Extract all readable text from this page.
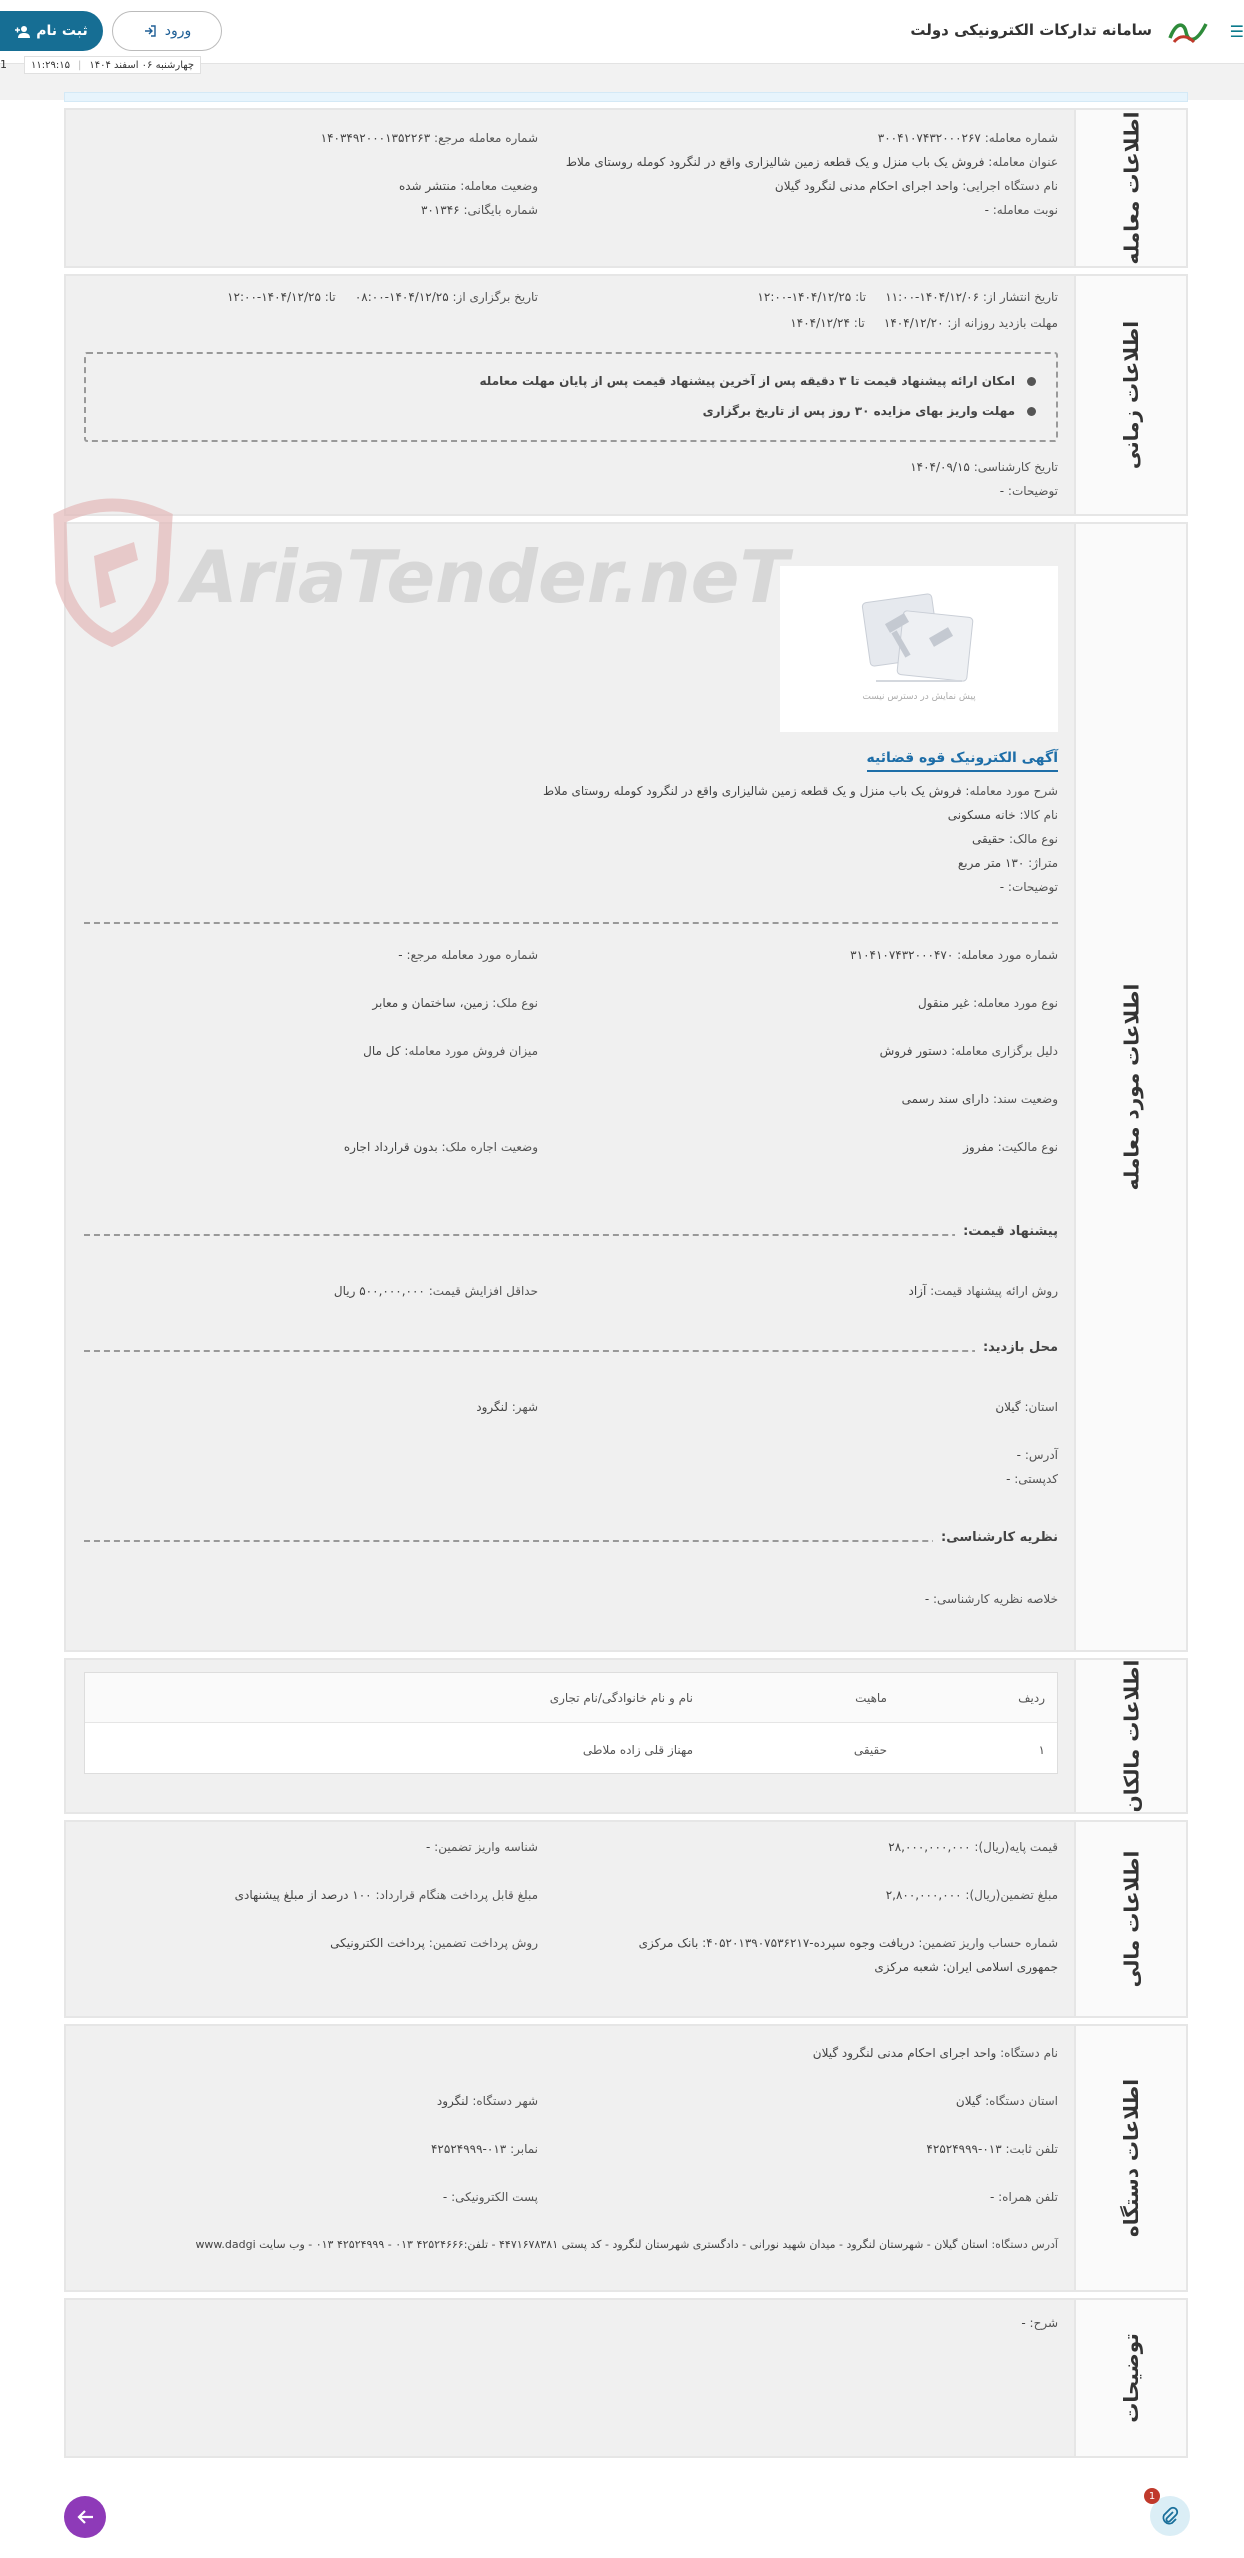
☰
سامانه تدارکات الکترونیکی دولت
ورود
ثبت نام
چهارشنبه ۰۶ اسفند ۱۴۰۴
|
۱۱:۲۹:۱۵
1
اطلاعات معامله
شماره معامله: ۳۰۰۴۱۰۷۴۳۲۰۰۰۲۶۷
شماره معامله مرجع: ۱۴۰۳۴۹۲۰۰۰۱۳۵۲۲۶۳
عنوان معامله: فروش یک باب منزل و یک قطعه زمین شالیزاری واقع در لنگرود کومله روستای ملاط
نام دستگاه اجرایی: واحد اجرای احکام مدنی لنگرود گیلان
وضعیت معامله: منتشر شده
نوبت معامله: -
شماره بایگانی: ۳۰۱۳۴۶
اطلاعات زمانی
تاریخ انتشار از: ۱۴۰۴/۱۲/۰۶-۱۱:۰۰     تا: ۱۴۰۴/۱۲/۲۵-۱۲:۰۰
تاریخ برگزاری از: ۱۴۰۴/۱۲/۲۵-۰۸:۰۰     تا: ۱۴۰۴/۱۲/۲۵-۱۲:۰۰
مهلت بازدید روزانه از: ۱۴۰۴/۱۲/۲۰     تا: ۱۴۰۴/۱۲/۲۴
امکان ارائه پیشنهاد قیمت تا ۳ دقیقه پس از آخرین پیشنهاد قیمت پس از پایان مهلت معامله
مهلت واریز بهای مزایده ۳۰ روز پس از تاریخ برگزاری
تاریخ کارشناسی: ۱۴۰۴/۰۹/۱۵
توضیحات: -
اطلاعات مورد معامله
پیش نمایش در دسترس نیست
آگهی الکترونیک قوه قضائیه
شرح مورد معامله: فروش یک باب منزل و یک قطعه زمین شالیزاری واقع در لنگرود کومله روستای ملاط
نام کالا: خانه مسکونی
نوع مالک: حقیقی
متراژ: ۱۳۰ متر مربع
توضیحات: -
شماره مورد معامله: ۳۱۰۴۱۰۷۴۳۲۰۰۰۴۷۰
شماره مورد معامله مرجع: -
نوع مورد معامله: غیر منقول
نوع ملک: زمین، ساختمان و معابر
دلیل برگزاری معامله: دستور فروش
میزان فروش مورد معامله: کل مال
وضعیت سند: دارای سند رسمی
نوع مالکیت: مفروز
وضعیت اجاره ملک: بدون قرارداد اجاره
پیشنهاد قیمت:
روش ارائه پیشنهاد قیمت: آزاد
حداقل افزایش قیمت: ۵۰۰,۰۰۰,۰۰۰ ریال
محل بازدید:
استان: گیلان
شهر: لنگرود
آدرس: -
کدپستی: -
نظریه کارشناسی:
خلاصه نظریه کارشناسی: -
اطلاعات مالکان
ردیف
ماهیت
نام و نام خانوادگی/نام تجاری
۱
حقیقی
مهناز قلی زاده ملاطی
اطلاعات مالی
قیمت پایه(ریال): ۲۸,۰۰۰,۰۰۰,۰۰۰
شناسه واریز تضمین: -
مبلغ تضمین(ریال): ۲,۸۰۰,۰۰۰,۰۰۰
مبلغ قابل پرداخت هنگام قرارداد: ۱۰۰ درصد از مبلغ پیشنهادی
شماره حساب واریز تضمین: دریافت وجوه سپرده-۴۰۵۲۰۱۳۹۰۷۵۳۶۲۱۷: بانک مرکزی
جمهوری اسلامی ایران: شعبه مرکزی
روش پرداخت تضمین: پرداخت الکترونیکی
اطلاعات دستگاه
نام دستگاه: واحد اجرای احکام مدنی لنگرود گیلان
استان دستگاه: گیلان
شهر دستگاه: لنگرود
تلفن ثابت: ۰۱۳-۴۲۵۲۴۹۹۹
نمابر: ۰۱۳-۴۲۵۲۴۹۹۹
تلفن همراه: -
پست الکترونیکی: -
آدرس دستگاه: استان گیلان - شهرستان لنگرود - میدان شهید نورانی - دادگستری شهرستان لنگرود - کد پستی ۴۴۷۱۶۷۸۳۸۱ - تلفن:۴۲۵۲۴۶۶۶ ۰۱۳ - ۴۲۵۲۴۹۹۹ ۰۱۳ - وب سایت www.dadgi
توضیحات
شرح: -
AriaTender.neT
1
